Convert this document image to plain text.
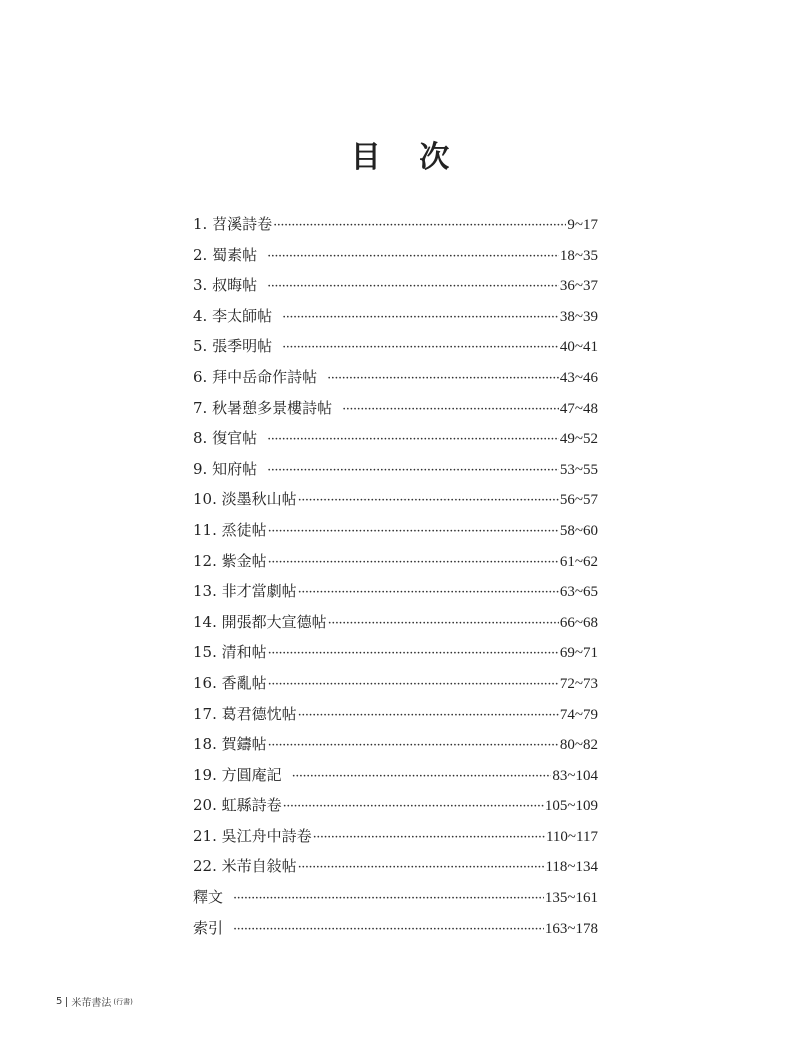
目 次
1. 苕溪詩卷 ·····	9~17
2. 蜀素帖 ·····	18~35
3. 叔晦帖 ·····	36~37
4. 李太師帖 ·····	38~39
5. 張季明帖 ·····	40~41
6. 拜中岳命作詩帖 ·····	43~46
7. 秋暑憩多景樓詩帖 ·····	47~48
8. 復官帖 ·····	49~52
9. 知府帖 ·····	53~55
10. 淡墨秋山帖 ·····	56~57
11. 烝徒帖 ·····	58~60
12. 紫金帖 ·····	61~62
13. 非才當劇帖 ·····	63~65
14. 開張都大宣德帖 ·····	66~68
15. 清和帖 ·····	69~71
16. 香亂帖 ·····	72~73
17. 葛君德忱帖 ·····	74~79
18. 賀鑄帖 ·····	80~82
19. 方圓庵記 ·····	83~104
20. 虹縣詩卷 ·····	105~109
21. 吳江舟中詩卷 ·····	110~117
22. 米芾自敍帖 ·····	118~134
釋文 ·····	135~161
索引 ·····	163~178
5 米芾書法 (行書)
